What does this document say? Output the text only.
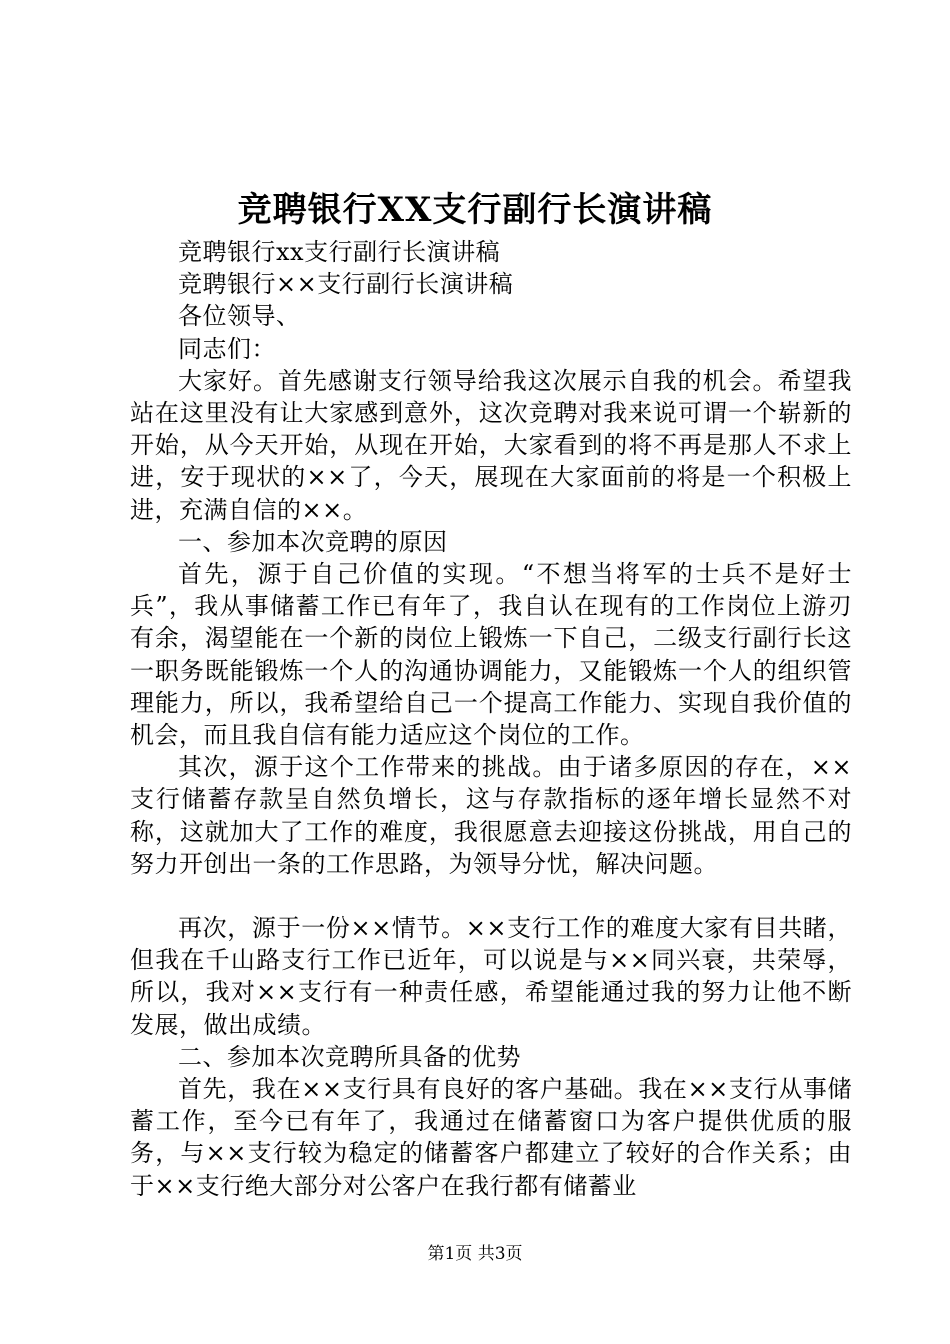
竞聘银行XX支行副行长演讲稿

竞聘银行xx支行副行长演讲稿

竞聘银行××支行副行长演讲稿

各位领导、

同志们：

大家好。首先感谢支行领导给我这次展示自我的机会。希望我站在这里没有让大家感到意外，这次竞聘对我来说可谓一个崭新的开始，从今天开始，从现在开始，大家看到的将不再是那人不求上进，安于现状的××了，今天，展现在大家面前的将是一个积极上进，充满自信的××。

一、参加本次竞聘的原因

首先，源于自己价值的实现。“不想当将军的士兵不是好士兵”，我从事储蓄工作已有年了，我自认在现有的工作岗位上游刃有余，渴望能在一个新的岗位上锻炼一下自己，二级支行副行长这一职务既能锻炼一个人的沟通协调能力，又能锻炼一个人的组织管理能力，所以，我希望给自己一个提高工作能力、实现自我价值的机会，而且我自信有能力适应这个岗位的工作。

其次，源于这个工作带来的挑战。由于诸多原因的存在，××支行储蓄存款呈自然负增长，这与存款指标的逐年增长显然不对称，这就加大了工作的难度，我很愿意去迎接这份挑战，用自己的努力开创出一条的工作思路，为领导分忧，解决问题。

再次，源于一份××情节。××支行工作的难度大家有目共睹，但我在千山路支行工作已近年，可以说是与××同兴衰，共荣辱，所以，我对××支行有一种责任感，希望能通过我的努力让他不断发展，做出成绩。

二、参加本次竞聘所具备的优势

首先，我在××支行具有良好的客户基础。我在××支行从事储蓄工作，至今已有年了，我通过在储蓄窗口为客户提供优质的服务，与××支行较为稳定的储蓄客户都建立了较好的合作关系；由于××支行绝大部分对公客户在我行都有储蓄业

第1页 共3页
